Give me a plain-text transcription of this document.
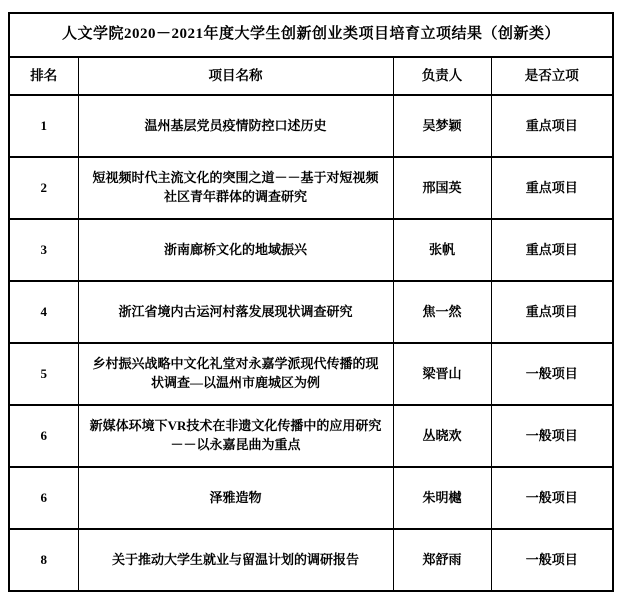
人文学院2020－2021年度大学生创新创业类项目培育立项结果（创新类）			
排名	项目名称	负责人	是否立项
1	温州基层党员疫情防控口述历史	吴梦颖	重点项目
2	短视频时代主流文化的突围之道－－基于对短视频社区青年群体的调查研究	邢国英	重点项目
3	浙南廊桥文化的地域振兴	张帆	重点项目
4	浙江省境内古运河村落发展现状调查研究	焦一然	重点项目
5	乡村振兴战略中文化礼堂对永嘉学派现代传播的现状调查—以温州市鹿城区为例	梁晋山	一般项目
6	新媒体环境下VR技术在非遗文化传播中的应用研究－－以永嘉昆曲为重点	丛晓欢	一般项目
6	泽雅造物	朱明樾	一般项目
8	关于推动大学生就业与留温计划的调研报告	郑舒雨	一般项目
